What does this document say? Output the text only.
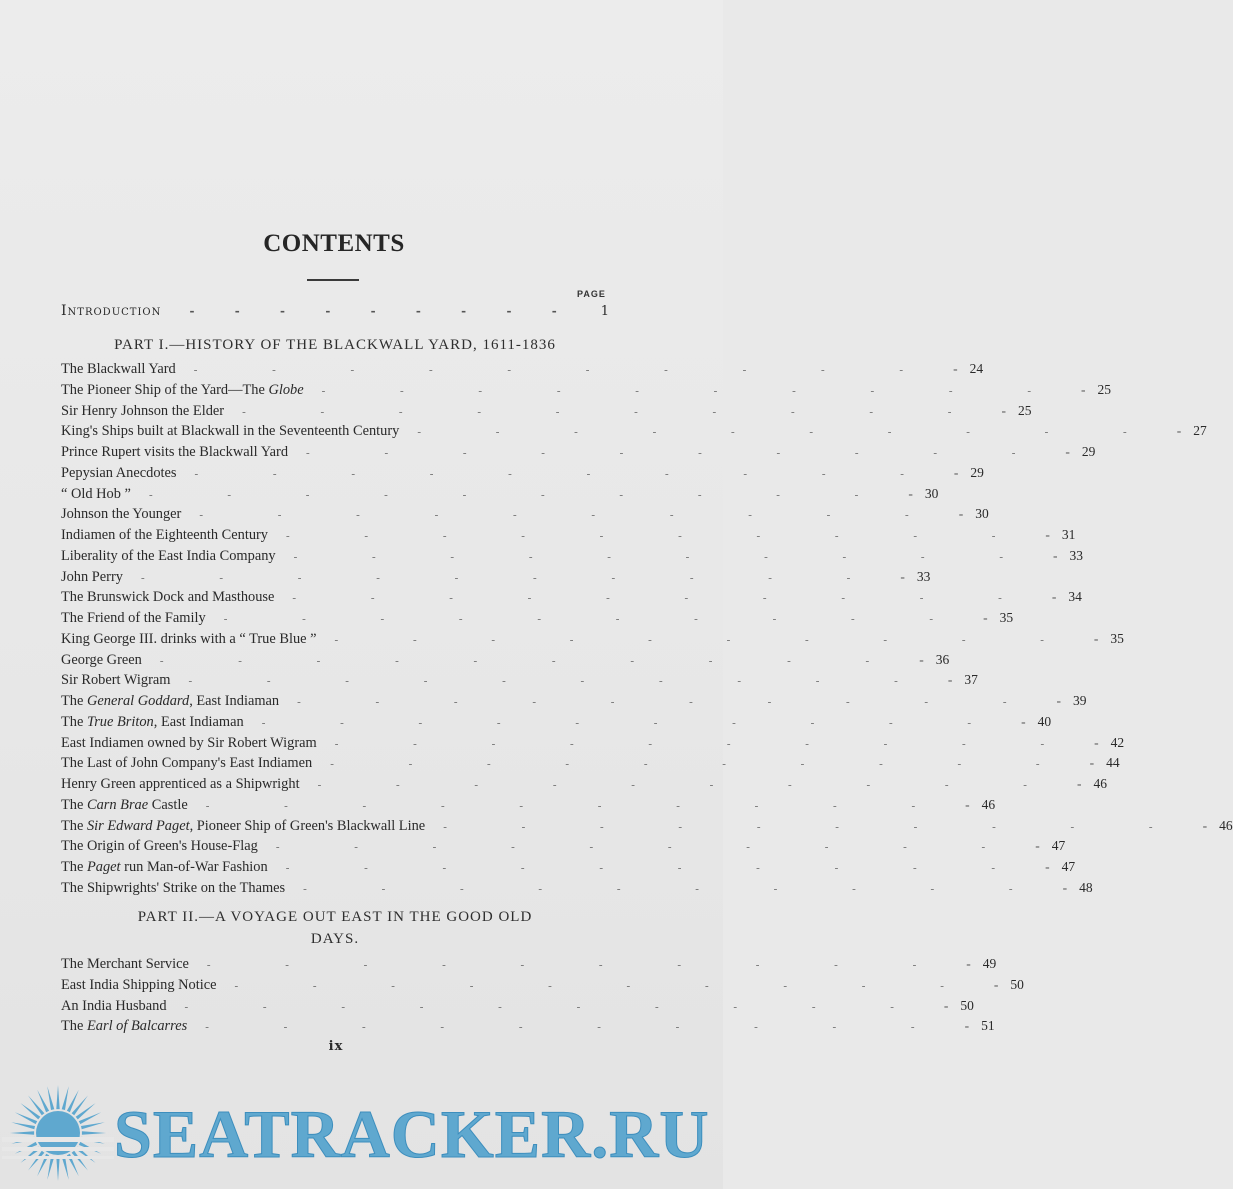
CONTENTS
PAGE
Introduction -	-	-	-	-	-	-	-	-	1
PART I.—HISTORY OF THE BLACKWALL YARD, 1611-1836
The Blackwall Yard	- - - - - - - - - -	- 24
The Pioneer Ship of the Yard—The Globe	- - - - - - - - - -	- 25
Sir Henry Johnson the Elder	- - - - - - - - - -	- 25
King's Ships built at Blackwall in the Seventeenth Century	- - - - - - - - - -	- 27
Prince Rupert visits the Blackwall Yard	- - - - - - - - - -	- 29
Pepysian Anecdotes	- - - - - - - - - -	- 29
“ Old Hob ”	- - - - - - - - - -	- 30
Johnson the Younger	- - - - - - - - - -	- 30
Indiamen of the Eighteenth Century	- - - - - - - - - -	- 31
Liberality of the East India Company	- - - - - - - - - -	- 33
John Perry	- - - - - - - - - -	- 33
The Brunswick Dock and Masthouse	- - - - - - - - - -	- 34
The Friend of the Family	- - - - - - - - - -	- 35
King George III. drinks with a “ True Blue ”	- - - - - - - - - -	- 35
George Green	- - - - - - - - - -	- 36
Sir Robert Wigram	- - - - - - - - - -	- 37
The General Goddard, East Indiaman	- - - - - - - - - -	- 39
The True Briton, East Indiaman	- - - - - - - - - -	- 40
East Indiamen owned by Sir Robert Wigram	- - - - - - - - - -	- 42
The Last of John Company's East Indiamen	- - - - - - - - - -	- 44
Henry Green apprenticed as a Shipwright	- - - - - - - - - -	- 46
The Carn Brae Castle	- - - - - - - - - -	- 46
The Sir Edward Paget, Pioneer Ship of Green's Blackwall Line	- - - - - - - - - -	- 46
The Origin of Green's House-Flag	- - - - - - - - - -	- 47
The Paget run Man-of-War Fashion	- - - - - - - - - -	- 47
The Shipwrights' Strike on the Thames	- - - - - - - - - -	- 48
PART II.—A VOYAGE OUT EAST IN THE GOOD OLD
DAYS.
The Merchant Service	- - - - - - - - - -	- 49
East India Shipping Notice	- - - - - - - - - -	- 50
An India Husband	- - - - - - - - - -	- 50
The Earl of Balcarres	- - - - - - - - - -	- 51
ix
SEATRACKER.RU
